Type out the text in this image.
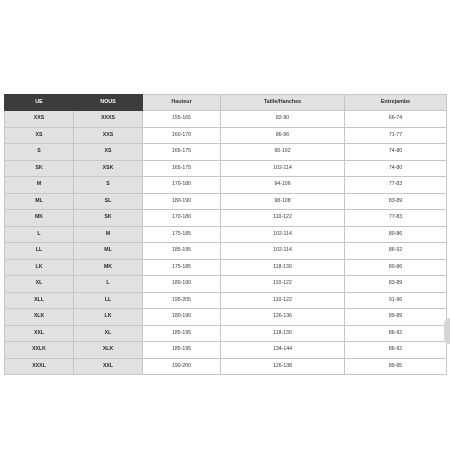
UE	NOUS	Hauteur	Taille/Hanches	Entrejambe
XXS	XXXS	155-165	82-90	66-74
XS	XXS	160-170	86-96	71-77
S	XS	165-175	90-102	74-80
SK	XSK	165-175	102-114	74-80
M	S	170-180	94-106	77-83
ML	SL	180-190	98-108	83-89
MK	SK	170-180	110-122	77-83
L	M	175-185	102-114	80-86
LL	ML	185-195	102-114	86-92
LK	MK	175-185	118-130	80-86
XL	L	180-190	110-122	83-89
XLL	LL	195-205	110-122	91-96
XLK	LK	180-190	126-136	89-89
XXL	XL	185-195	118-130	86-92
XXLK	XLK	185-195	134-144	86-92
XXXL	XXL	190-200	126-138	89-95
